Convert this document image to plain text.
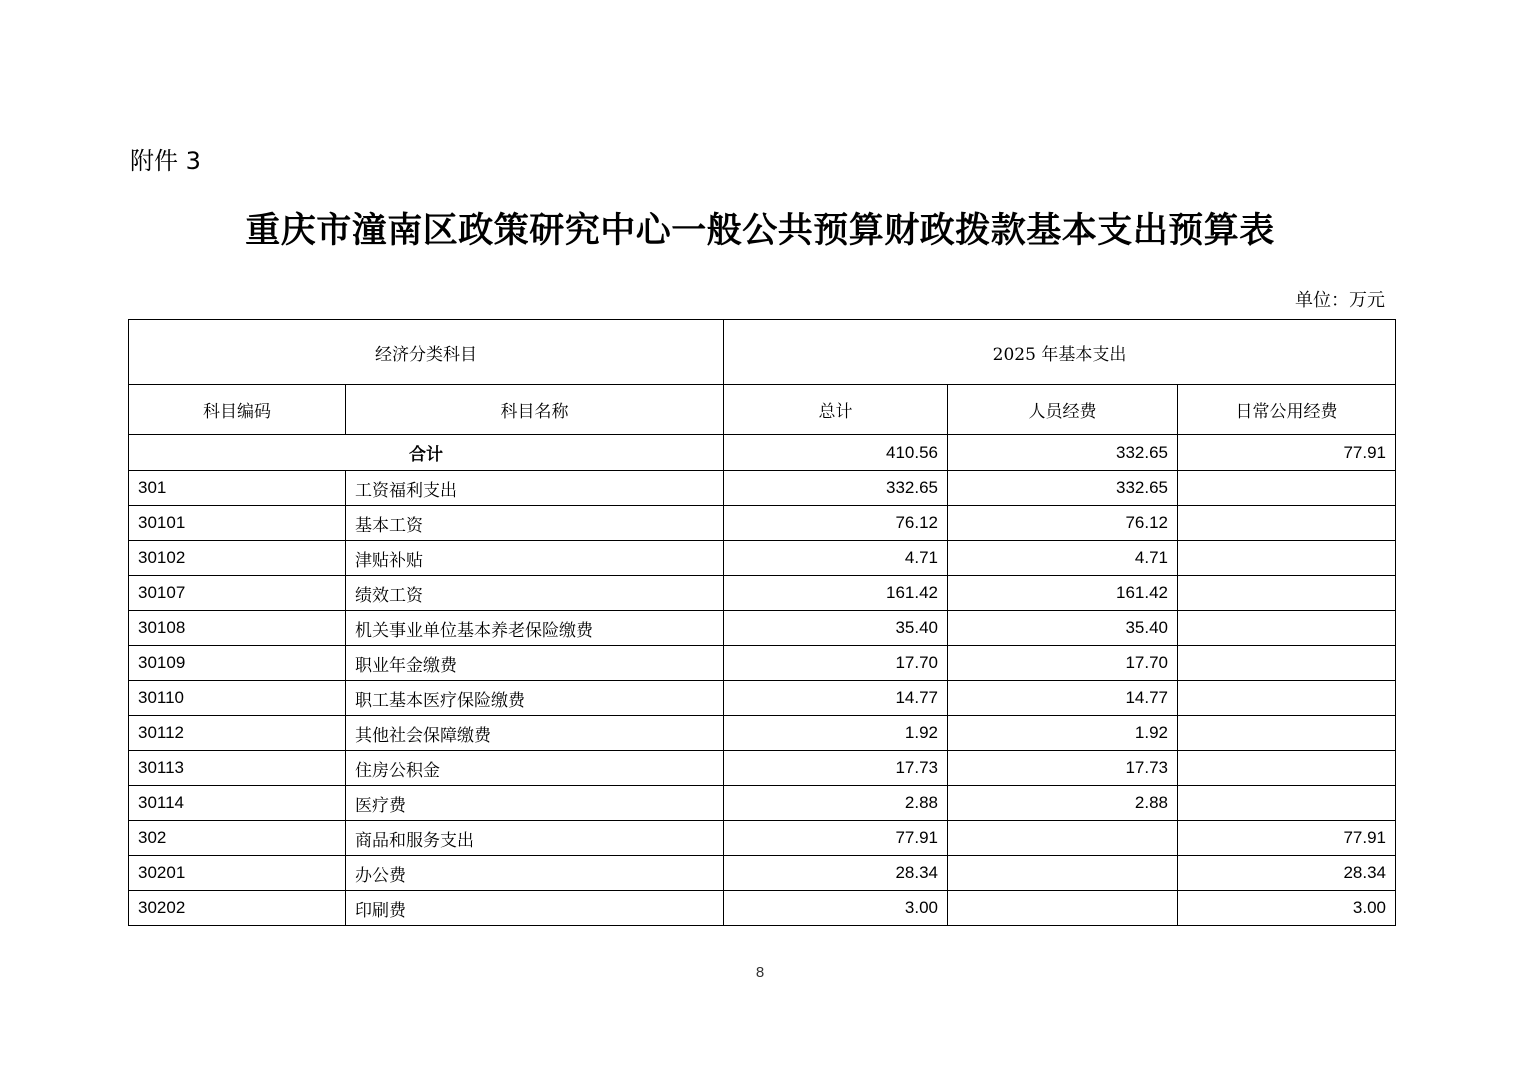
附件 3
重庆市潼南区政策研究中心一般公共预算财政拨款基本支出预算表
单位：万元
经济分类科目		2025 年基本支出		
科目编码	科目名称	总计	人员经费	日常公用经费
合计		410.56	332.65	77.91
301	工资福利支出	332.65	332.65	
30101	基本工资	76.12	76.12	
30102	津贴补贴	4.71	4.71	
30107	绩效工资	161.42	161.42	
30108	机关事业单位基本养老保险缴费	35.40	35.40	
30109	职业年金缴费	17.70	17.70	
30110	职工基本医疗保险缴费	14.77	14.77	
30112	其他社会保障缴费	1.92	1.92	
30113	住房公积金	17.73	17.73	
30114	医疗费	2.88	2.88	
302	商品和服务支出	77.91		77.91
30201	办公费	28.34		28.34
30202	印刷费	3.00		3.00
8
